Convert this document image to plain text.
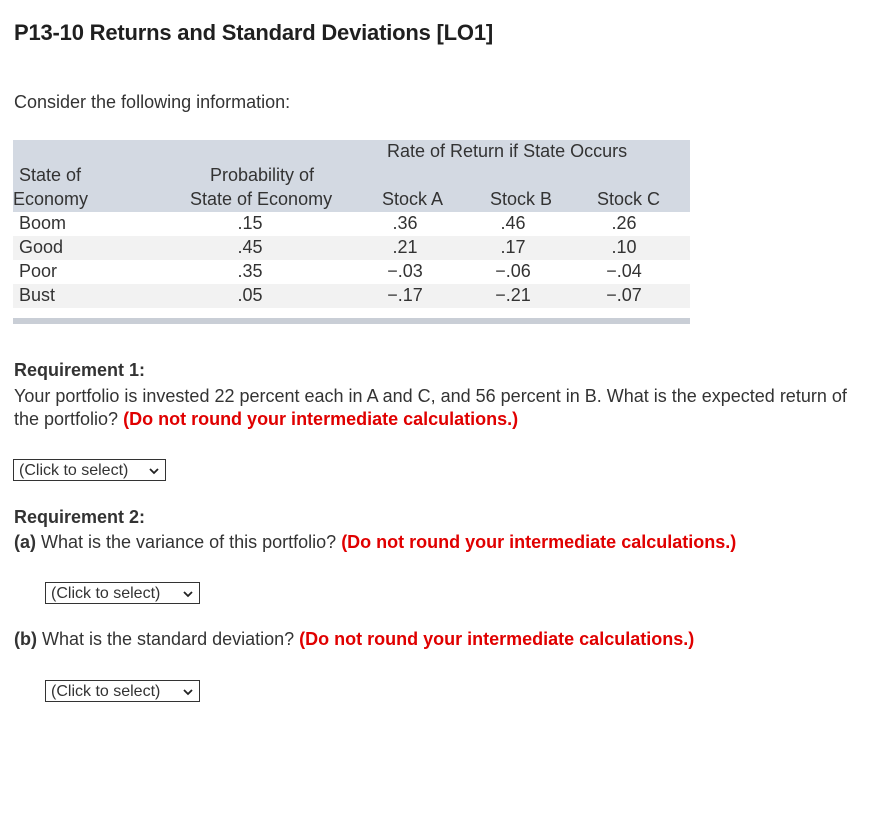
P13-10 Returns and Standard Deviations [LO1]
Consider the following information:
Rate of Return if State Occurs
State of
Economy
Probability of
State of Economy	Stock A	Stock B Stock C
Boom	.15	.36	.46	.26
Good	.45	.21	.17	.10
Poor	.35	−.03	−.06	−.04
Bust	.05	−.17	−.21	−.07
Requirement 1:
Your portfolio is invested 22 percent each in A and C, and 56 percent in B. What is the expected return of the portfolio? (Do not round your intermediate calculations.)
(Click to select)
Requirement 2:
(a) What is the variance of this portfolio? (Do not round your intermediate calculations.)
(Click to select)
(b) What is the standard deviation? (Do not round your intermediate calculations.)
(Click to select)
